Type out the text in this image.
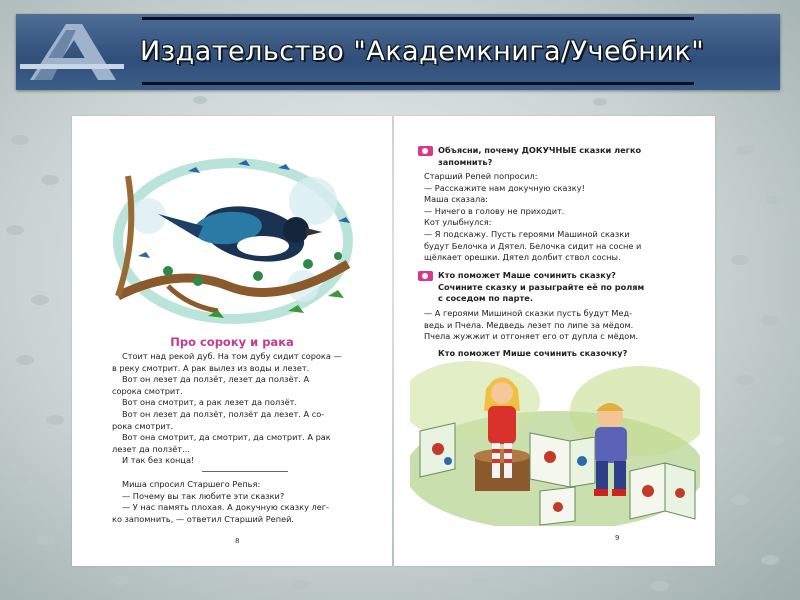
Издательство "Академкнига/Учебник"
Про сороку и рака

Стоит над рекой дуб. На том дубу сидит сорока —

в реку смотрит. А рак вылез из воды и лезет.

Вот он лезет да ползёт, лезет да ползёт. А

сорока смотрит.

Вот она смотрит, а рак лезет да ползёт.

Вот он лезет да ползёт, ползёт да лезет. А со-

рока смотрит.

Вот она смотрит, да смотрит, да смотрит. А рак

лезет да ползёт...

И так без конца!

Миша спросил Старшего Репья:

— Почему вы так любите эти сказки?

— У нас память плохая. А докучную сказку лег-

ко запомнить, — ответил Старший Репей.

8
Объясни, почему ДОКУЧНЫЕ сказки легко
запомнить?

Старший Репей попросил:

— Расскажите нам докучную сказку!

Маша сказала:

— Ничего в голову не приходит.

Кот улыбнулся:

— Я подскажу. Пусть героями Машиной сказки

будут Белочка и Дятел. Белочка сидит на сосне и

щёлкает орешки. Дятел долбит ствол сосны.

Кто поможет Маше сочинить сказку?
Сочините сказку и разыграйте её по ролям
с соседом по парте.

— А героями Мишиной сказки пусть будут Мед-

ведь и Пчела. Медведь лезет по липе за мёдом.

Пчела жужжит и отгоняет его от дупла с мёдом.

Кто поможет Мише сочинить сказочку?
9
